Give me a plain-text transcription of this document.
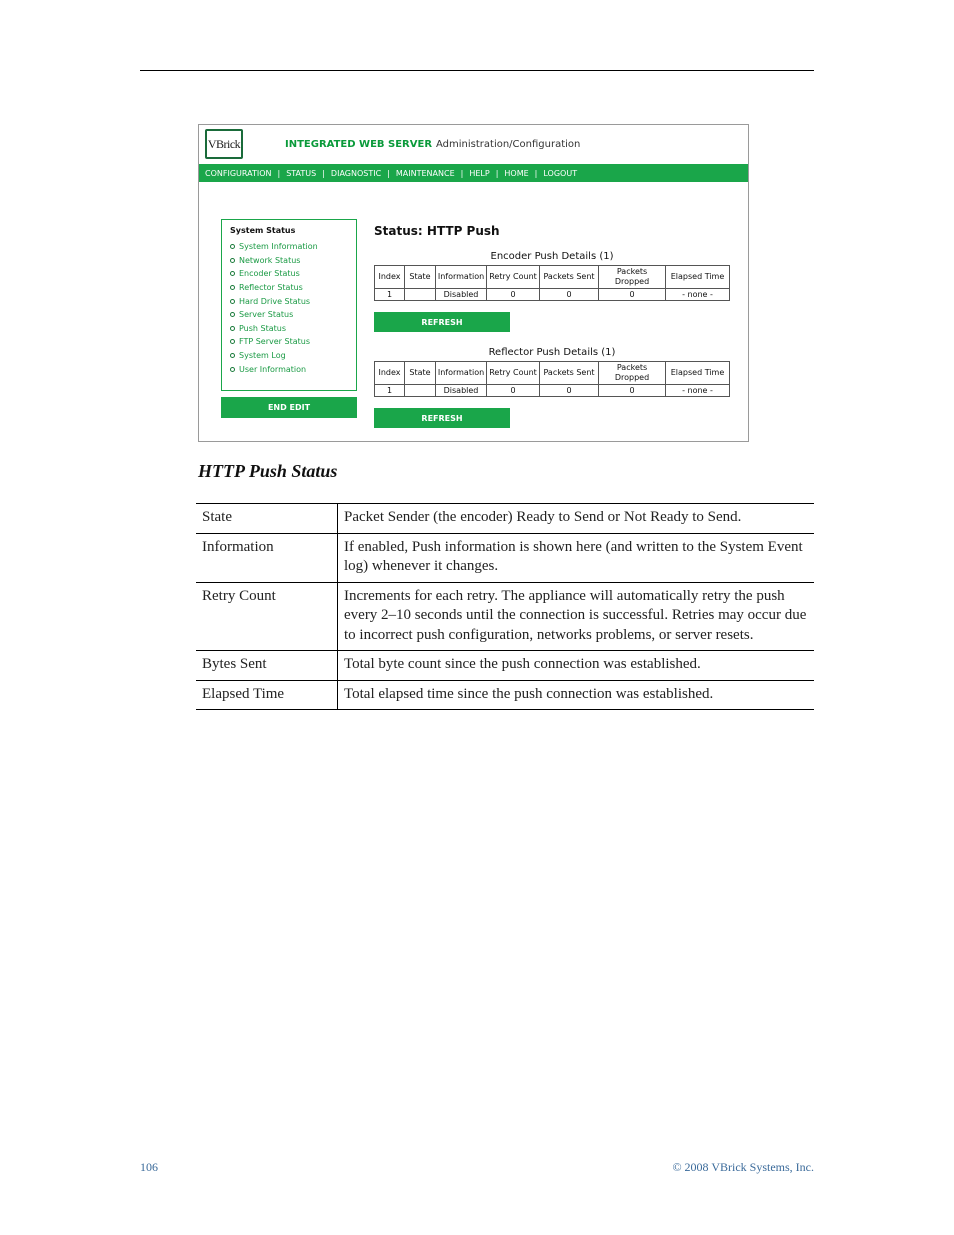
VBrick	INTEGRATED WEB SERVER Administration/Configuration
CONFIGURATION | STATUS | DIAGNOSTIC | MAINTENANCE | HELP | HOME | LOGOUT
System Status
System Information
Network Status
Encoder Status
Reflector Status
Hard Drive Status
Server Status
Push Status
FTP Server Status
System Log
User Information
END EDIT
Status: HTTP Push
Encoder Push Details (1)
Index	State	Information	Retry Count	Packets Sent	Packets Dropped	Elapsed Time
1		Disabled	0	0	0	- none -
REFRESH
Reflector Push Details (1)
Index	State	Information	Retry Count	Packets Sent	Packets Dropped	Elapsed Time
1		Disabled	0	0	0	- none -
REFRESH
HTTP Push Status
State	Packet Sender (the encoder) Ready to Send or Not Ready to Send.
Information	If enabled, Push information is shown here (and written to the System Event log) whenever it changes.
Retry Count	Increments for each retry. The appliance will automatically retry the push every 2–10 seconds until the connection is successful. Retries may occur due to incorrect push configuration, networks problems, or server resets.
Bytes Sent	Total byte count since the push connection was established.
Elapsed Time	Total elapsed time since the push connection was established.
106	© 2008 VBrick Systems, Inc.
